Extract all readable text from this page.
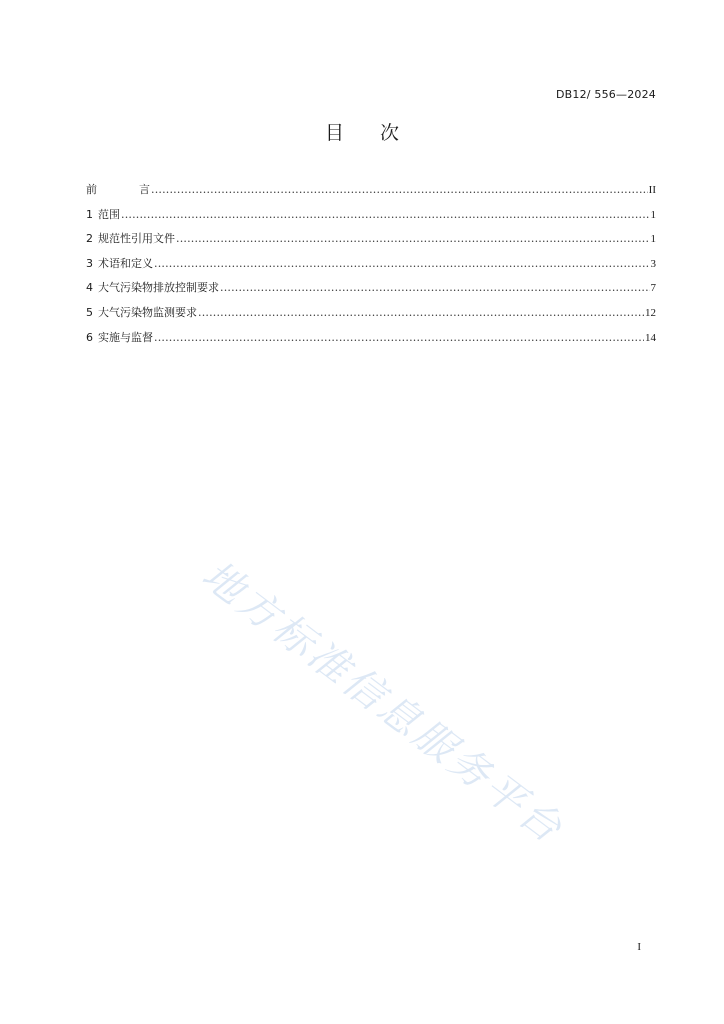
DB12/ 556—2024
目 次
前	言 .....	II
1 范围 .....	1
2 规范性引用文件 .....	1
3 术语和定义 .....	3
4 大气污染物排放控制要求 .....	7
5 大气污染物监测要求 .....	12
6 实施与监督 .....	14
地方标准信息服务平台
I
